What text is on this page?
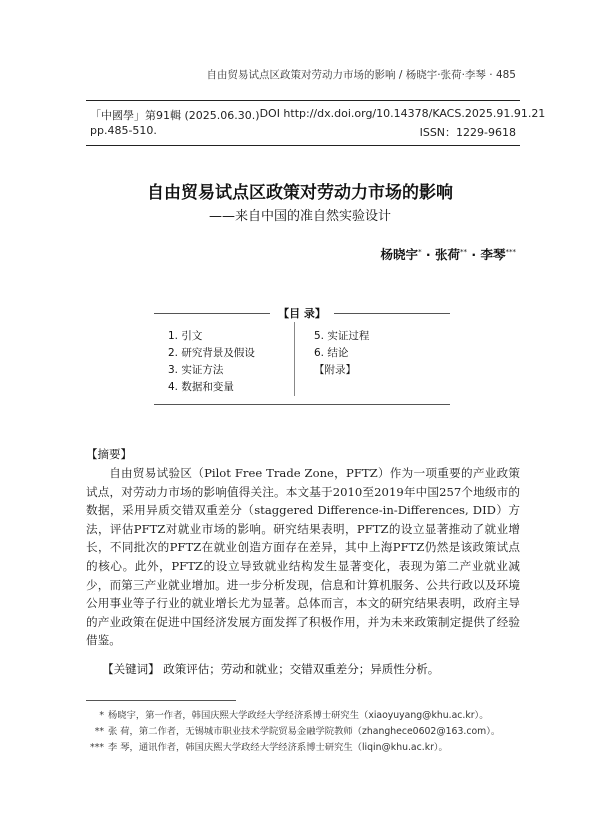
自由贸易试点区政策对劳动力市场的影响 / 杨晓宇·张荷·李琴 · 485
「中國學」第91輯 (2025.06.30.) DOI http://dx.doi.org/10.14378/KACS.2025.91.91.21
pp.485-510.	ISSN：1229-9618
自由贸易试点区政策对劳动力市场的影响
——来自中国的准自然实验设计
杨晓宇* · 张荷** · 李琴***
【目 录】
1. 引文
2. 研究背景及假设
3. 实证方法
4. 数据和变量
5. 实证过程
6. 结论
【附录】
【摘要】

自由贸易试验区（Pilot Free Trade Zone，PFTZ）作为一项重要的产业政策试点，对劳动力市场的影响值得关注。本文基于2010至2019年中国257个地级市的数据，采用异质交错双重差分（staggered Difference-in-Differences, DID）方法，评估PFTZ对就业市场的影响。研究结果表明，PFTZ的设立显著推动了就业增长，不同批次的PFTZ在就业创造方面存在差异，其中上海PFTZ仍然是该政策试点的核心。此外，PFTZ的设立导致就业结构发生显著变化，表现为第二产业就业减少，而第三产业就业增加。进一步分析发现，信息和计算机服务、公共行政以及环境公用事业等子行业的就业增长尤为显著。总体而言，本文的研究结果表明，政府主导的产业政策在促进中国经济发展方面发挥了积极作用，并为未来政策制定提供了经验借鉴。

【关键词】 政策评估；劳动和就业；交错双重差分；异质性分析。
* 杨晓宇，第一作者，韩国庆熙大学政经大学经济系博士研究生（xiaoyuyang@khu.ac.kr）。
** 张 荷，第二作者，无锡城市职业技术学院贸易金融学院教师（zhanghece0602@163.com）。
*** 李 琴，通讯作者，韩国庆熙大学政经大学经济系博士研究生（liqin@khu.ac.kr）。
